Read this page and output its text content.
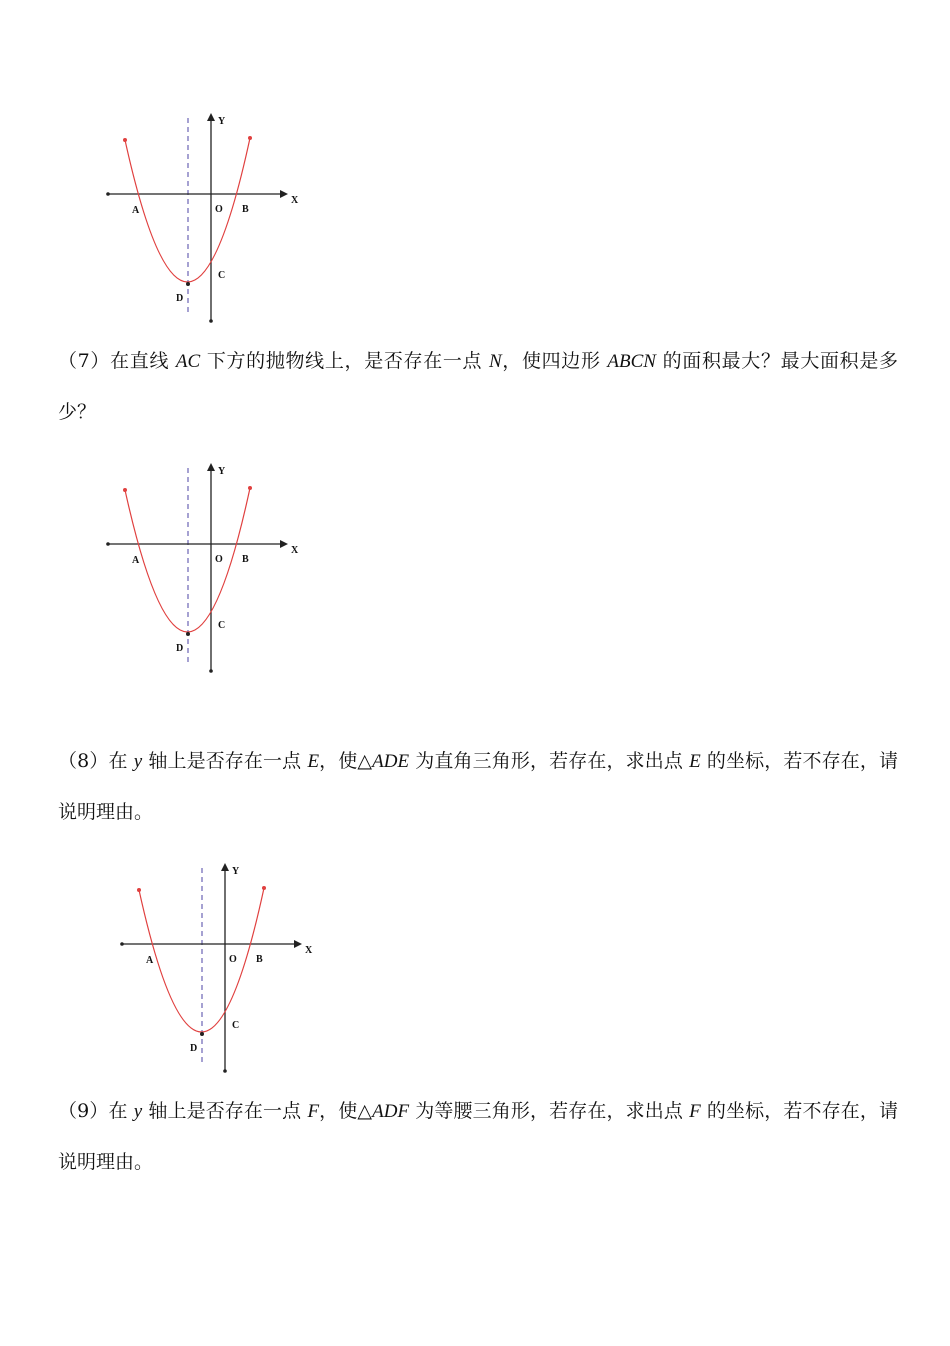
Y
X
A	O B
C
D

（7）在直线 AC 下方的抛物线上，是否存在一点 N，使四边形 ABCN 的面积最大？最大面积是多少？

Y
X
A	O B
C
D

（8）在 y 轴上是否存在一点 E，使△ADE 为直角三角形，若存在，求出点 E 的坐标，若不存在，请说明理由。

Y
X
A	O B
C
D

（9）在 y 轴上是否存在一点 F，使△ADF 为等腰三角形，若存在，求出点 F 的坐标，若不存在，请说明理由。
